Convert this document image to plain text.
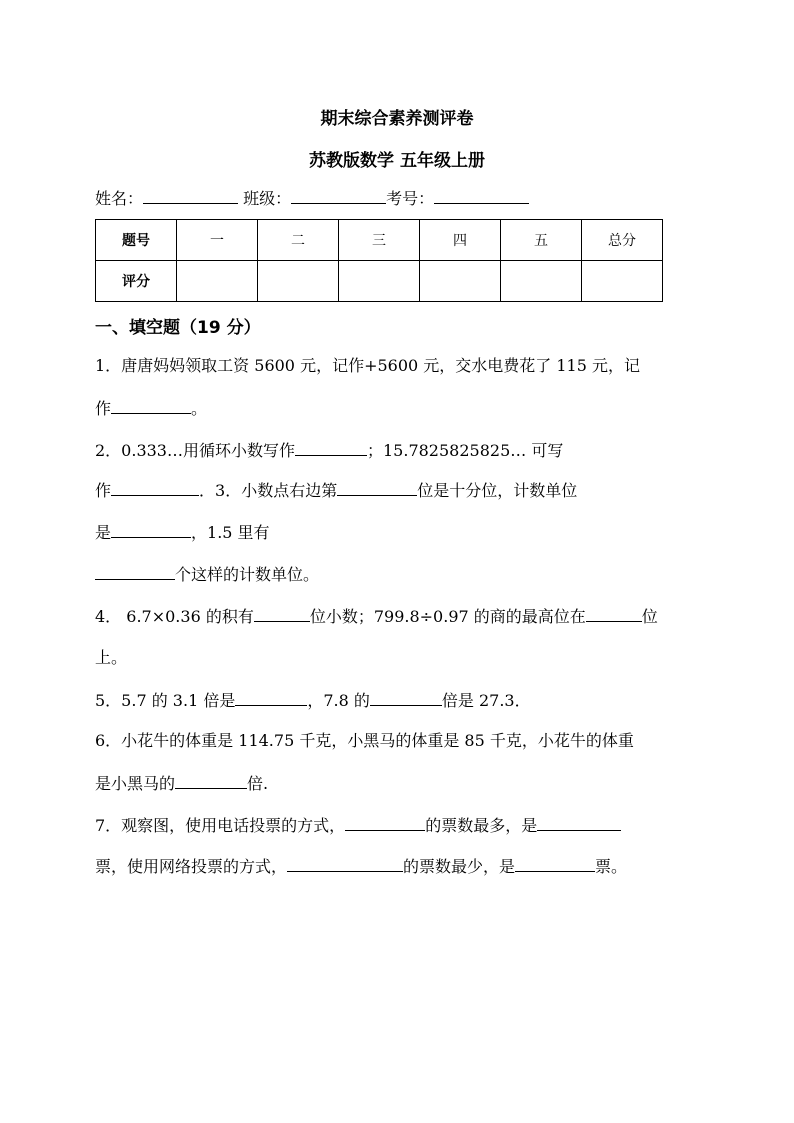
期末综合素养测评卷
苏教版数学 五年级上册
姓名：	班级：	考号：
题号	一	二	三	四	五	总分
评分						
一、填空题（19 分）
1．唐唐妈妈领取工资 5600 元，记作+5600 元，交水电费花了 115 元，记
作	。
2．0.333…用循环小数写作	；15.7825825825… 可写
作	．3．小数点右边第	位是十分位，计数单位
是	，1.5 里有
个这样的计数单位。
4． 6.7×0.36 的积有	位小数；799.8÷0.97 的商的最高位在	位
上。
5．5.7 的 3.1 倍是	，7.8 的	倍是 27.3．
6．小花牛的体重是 114.75 千克，小黑马的体重是 85 千克，小花牛的体重
是小黑马的	倍.
7．观察图，使用电话投票的方式，	的票数最多，是
票，使用网络投票的方式，	的票数最少，是	票。
